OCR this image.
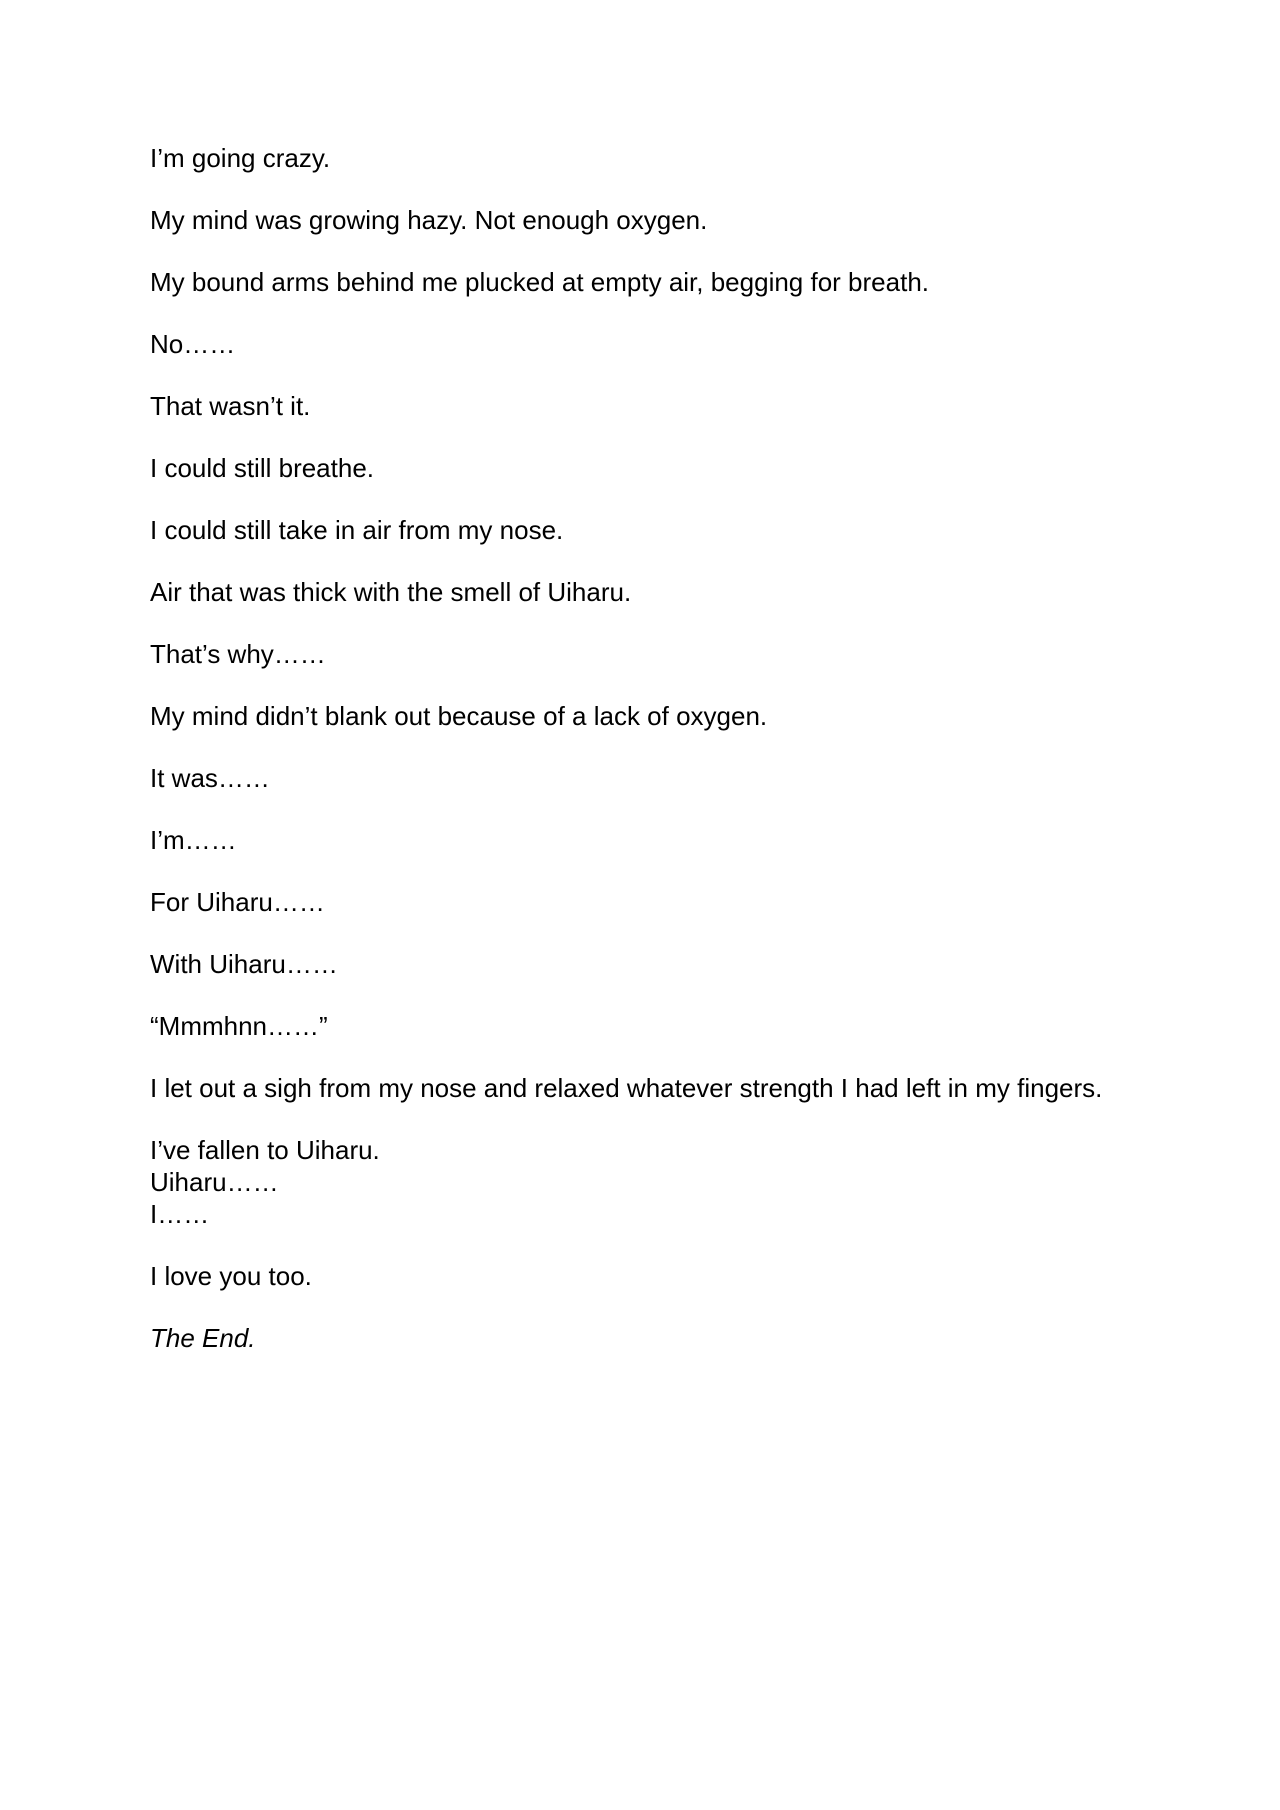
I’m going crazy.

My mind was growing hazy. Not enough oxygen.

My bound arms behind me plucked at empty air, begging for breath.

No……

That wasn’t it.

I could still breathe.

I could still take in air from my nose.

Air that was thick with the smell of Uiharu.

That’s why……

My mind didn’t blank out because of a lack of oxygen.

It was……

I’m……

For Uiharu……

With Uiharu……

“Mmmhnn……”

I let out a sigh from my nose and relaxed whatever strength I had left in my fingers.

I’ve fallen to Uiharu.
Uiharu……
I……

I love you too.

The End.
